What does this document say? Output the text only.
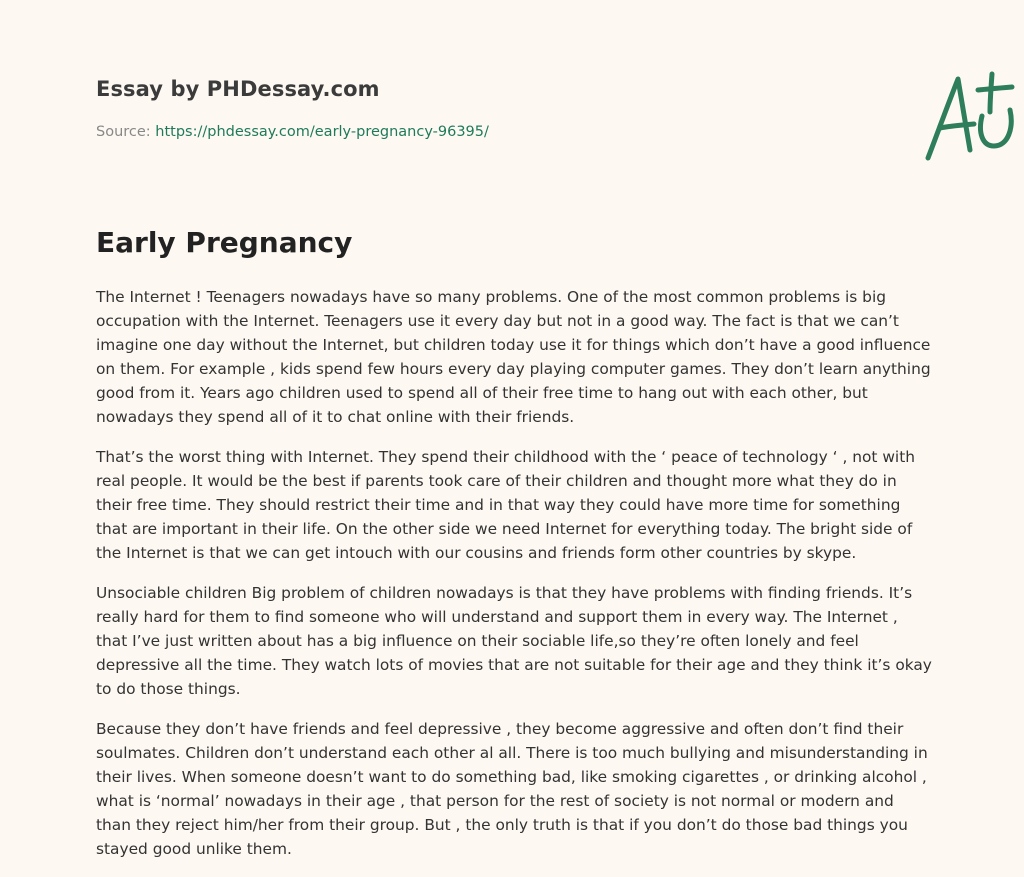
Essay by PHDessay.com
Source: https://phdessay.com/early-pregnancy-96395/
Early Pregnancy

The Internet ! Teenagers nowadays have so many problems. One of the most common problems is big occupation with the Internet. Teenagers use it every day but not in a good way. The fact is that we can’t imagine one day without the Internet, but children today use it for things which don’t have a good influence on them. For example , kids spend few hours every day playing computer games. They don’t learn anything good from it. Years ago children used to spend all of their free time to hang out with each other, but nowadays they spend all of it to chat online with their friends.

That’s the worst thing with Internet. They spend their childhood with the ‘ peace of technology ‘ , not with real people. It would be the best if parents took care of their children and thought more what they do in their free time. They should restrict their time and in that way they could have more time for something that are important in their life. On the other side we need Internet for everything today. The bright side of the Internet is that we can get intouch with our cousins and friends form other countries by skype.

Unsociable children Big problem of children nowadays is that they have problems with finding friends. It’s really hard for them to find someone who will understand and support them in every way. The Internet , that I’ve just written about has a big influence on their sociable life,so they’re often lonely and feel depressive all the time. They watch lots of movies that are not suitable for their age and they think it’s okay to do those things.

Because they don’t have friends and feel depressive , they become aggressive and often don’t find their soulmates. Children don’t understand each other al all. There is too much bullying and misunderstanding in their lives. When someone doesn’t want to do something bad, like smoking cigarettes , or drinking alcohol , what is ‘normal’ nowadays in their age , that person for the rest of society is not normal or modern and than they reject him/her from their group. But , the only truth is that if you don’t do those bad things you stayed good unlike them.
